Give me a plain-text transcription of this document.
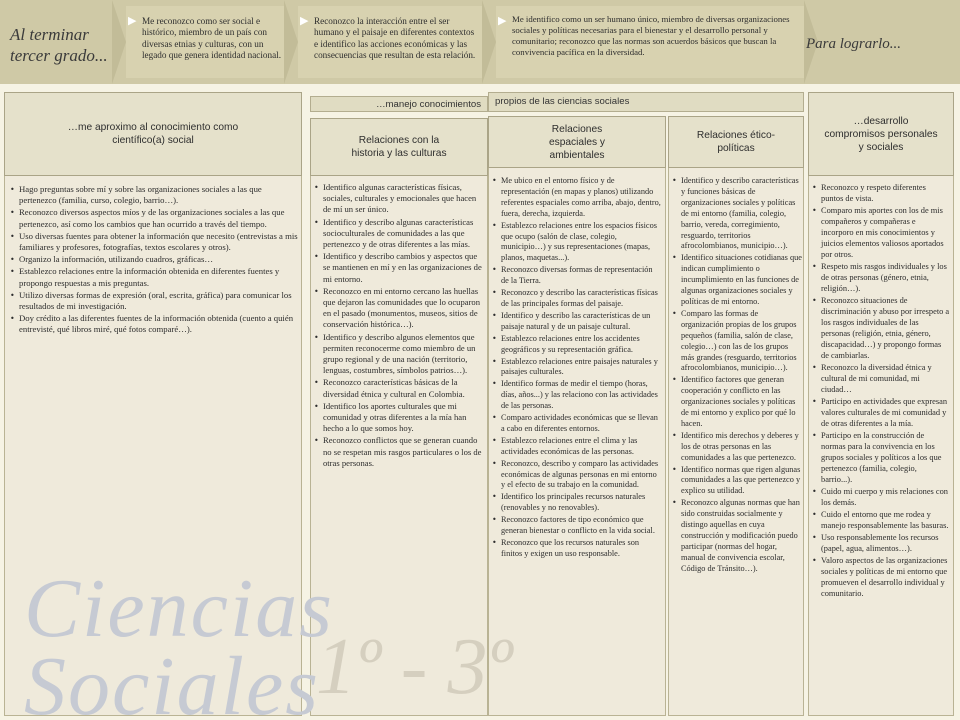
Al terminar
tercer grado...
▶ Me reconozco como ser social e histórico, miembro de un país con diversas etnias y culturas, con un legado que genera identidad nacional.
▶ Reconozco la interacción entre el ser humano y el paisaje en diferentes contextos e identifico las acciones económicas y las consecuencias que resultan de esta relación.
▶ Me identifico como un ser humano único, miembro de diversas organizaciones sociales y políticas necesarias para el bienestar y el desarrollo personal y comunitario; reconozco que las normas son acuerdos básicos que buscan la convivencia pacífica en la diversidad.	Para lograrlo...
…me aproximo al conocimiento como científico(a) social
• Hago preguntas sobre mí y sobre las organizaciones sociales a las que pertenezco (familia, curso, colegio, barrio…).
• Reconozco diversos aspectos míos y de las organizaciones sociales a las que pertenezco, así como los cambios que han ocurrido a través del tiempo.
• Uso diversas fuentes para obtener la información que necesito (entrevistas a mis familiares y profesores, fotografías, textos escolares y otros).
• Organizo la información, utilizando cuadros, gráficas…
• Establezco relaciones entre la información obtenida en diferentes fuentes y propongo respuestas a mis preguntas.
• Utilizo diversas formas de expresión (oral, escrita, gráfica) para comunicar los resultados de mi investigación.
• Doy crédito a las diferentes fuentes de la información obtenida (cuento a quién entrevisté, qué libros miré, qué fotos comparé…).
…manejo conocimientos	propios de las ciencias sociales
Relaciones con la historia y las culturas
• Identifico algunas características físicas, sociales, culturales y emocionales que hacen de mí un ser único.
• Identifico y describo algunas características socioculturales de comunidades a las que pertenezco y de otras diferentes a las mías.
• Identifico y describo cambios y aspectos que se mantienen en mí y en las organizaciones de mi entorno.
• Reconozco en mi entorno cercano las huellas que dejaron las comunidades que lo ocuparon en el pasado (monumentos, museos, sitios de conservación histórica…).
• Identifico y describo algunos elementos que permiten reconocerme como miembro de un grupo regional y de una nación (territorio, lenguas, costumbres, símbolos patrios…).
• Reconozco características básicas de la diversidad étnica y cultural en Colombia.
• Identifico los aportes culturales que mi comunidad y otras diferentes a la mía han hecho a lo que somos hoy.
• Reconozco conflictos que se generan cuando no se respetan mis rasgos particulares o los de otras personas.
Relaciones espaciales y ambientales
• Me ubico en el entorno físico y de representación (en mapas y planos) utilizando referentes espaciales como arriba, abajo, dentro, fuera, derecha, izquierda.
• Establezco relaciones entre los espacios físicos que ocupo (salón de clase, colegio, municipio…) y sus representaciones (mapas, planos, maquetas...).
• Reconozco diversas formas de representación de la Tierra.
• Reconozco y describo las características físicas de las principales formas del paisaje.
• Identifico y describo las características de un paisaje natural y de un paisaje cultural.
• Establezco relaciones entre los accidentes geográficos y su representación gráfica.
• Establezco relaciones entre paisajes naturales y paisajes culturales.
• Identifico formas de medir el tiempo (horas, días, años...) y las relaciono con las actividades de las personas.
• Comparo actividades económicas que se llevan a cabo en diferentes entornos.
• Establezco relaciones entre el clima y las actividades económicas de las personas.
• Reconozco, describo y comparo las actividades económicas de algunas personas en mi entorno y el efecto de su trabajo en la comunidad.
• Identifico los principales recursos naturales (renovables y no renovables).
• Reconozco factores de tipo económico que generan bienestar o conflicto en la vida social.
• Reconozco que los recursos naturales son finitos y exigen un uso responsable.
Relaciones ético-políticas
• Identifico y describo características y funciones básicas de organizaciones sociales y políticas de mi entorno (familia, colegio, barrio, vereda, corregimiento, resguardo, territorios afrocolombianos, municipio…).
• Identifico situaciones cotidianas que indican cumplimiento o incumplimiento en las funciones de algunas organizaciones sociales y políticas de mi entorno.
• Comparo las formas de organización propias de los grupos pequeños (familia, salón de clase, colegio…) con las de los grupos más grandes (resguardo, territorios afrocolombianos, municipio…).
• Identifico factores que generan cooperación y conflicto en las organizaciones sociales y políticas de mi entorno y explico por qué lo hacen.
• Identifico mis derechos y deberes y los de otras personas en las comunidades a las que pertenezco.
• Identifico normas que rigen algunas comunidades a las que pertenezco y explico su utilidad.
• Reconozco algunas normas que han sido construidas socialmente y distingo aquellas en cuya construcción y modificación puedo participar (normas del hogar, manual de convivencia escolar, Código de Tránsito…).
…desarrollo compromisos personales y sociales
• Reconozco y respeto diferentes puntos de vista.
• Comparo mis aportes con los de mis compañeros y compañeras e incorporo en mis conocimientos y juicios elementos valiosos aportados por otros.
• Respeto mis rasgos individuales y los de otras personas (género, etnia, religión…).
• Reconozco situaciones de discriminación y abuso por irrespeto a los rasgos individuales de las personas (religión, etnia, género, discapacidad…) y propongo formas de cambiarlas.
• Reconozco la diversidad étnica y cultural de mi comunidad, mi ciudad…
• Participo en actividades que expresan valores culturales de mi comunidad y de otras diferentes a la mía.
• Participo en la construcción de normas para la convivencia en los grupos sociales y políticos a los que pertenezco (familia, colegio, barrio...).
• Cuido mi cuerpo y mis relaciones con los demás.
• Cuido el entorno que me rodea y manejo responsablemente las basuras.
• Uso responsablemente los recursos (papel, agua, alimentos…).
• Valoro aspectos de las organizaciones sociales y políticas de mi entorno que promueven el desarrollo individual y comunitario.
Ciencias
Sociales
1º - 3º
